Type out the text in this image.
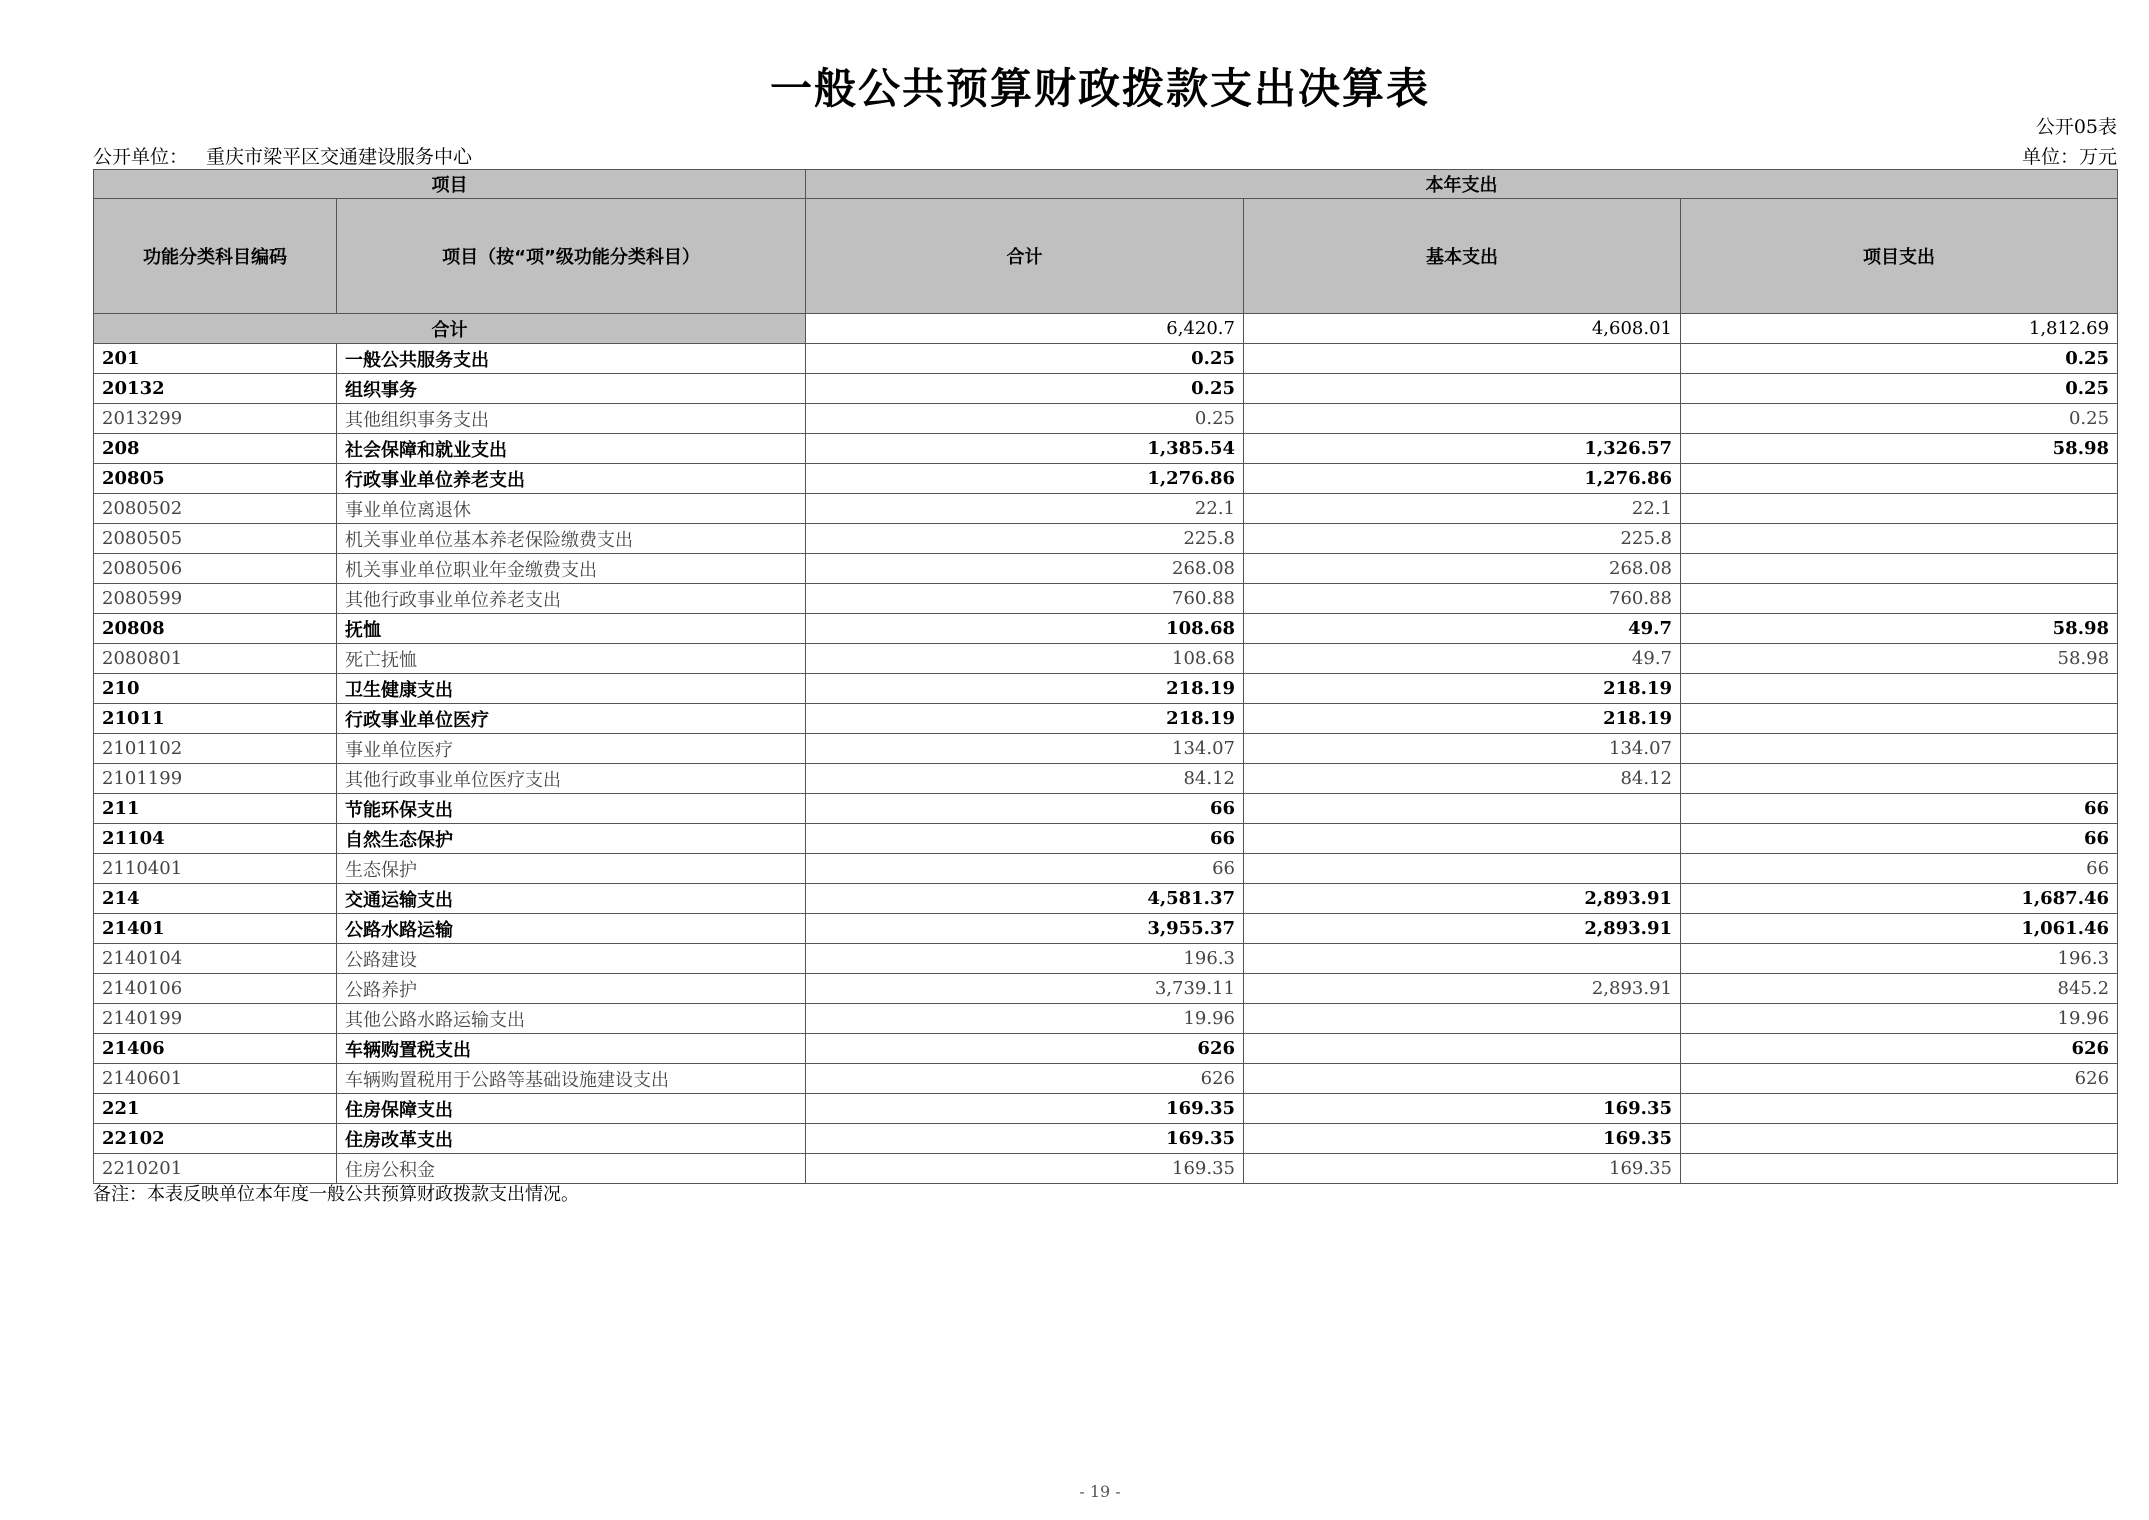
一般公共预算财政拨款支出决算表
公开05表
公开单位： 重庆市梁平区交通建设服务中心	单位：万元
项目		本年支出		
功能分类科目编码	项目（按“项”级功能分类科目）	合计	基本支出	项目支出
合计		6,420.7	4,608.01	1,812.69
201	一般公共服务支出	0.25		0.25
20132	组织事务	0.25		0.25
2013299	其他组织事务支出	0.25		0.25
208	社会保障和就业支出	1,385.54	1,326.57	58.98
20805	行政事业单位养老支出	1,276.86	1,276.86	
2080502	事业单位离退休	22.1	22.1	
2080505	机关事业单位基本养老保险缴费支出	225.8	225.8	
2080506	机关事业单位职业年金缴费支出	268.08	268.08	
2080599	其他行政事业单位养老支出	760.88	760.88	
20808	抚恤	108.68	49.7	58.98
2080801	死亡抚恤	108.68	49.7	58.98
210	卫生健康支出	218.19	218.19	
21011	行政事业单位医疗	218.19	218.19	
2101102	事业单位医疗	134.07	134.07	
2101199	其他行政事业单位医疗支出	84.12	84.12	
211	节能环保支出	66		66
21104	自然生态保护	66		66
2110401	生态保护	66		66
214	交通运输支出	4,581.37	2,893.91	1,687.46
21401	公路水路运输	3,955.37	2,893.91	1,061.46
2140104	公路建设	196.3		196.3
2140106	公路养护	3,739.11	2,893.91	845.2
2140199	其他公路水路运输支出	19.96		19.96
21406	车辆购置税支出	626		626
2140601	车辆购置税用于公路等基础设施建设支出	626		626
221	住房保障支出	169.35	169.35	
22102	住房改革支出	169.35	169.35	
2210201	住房公积金	169.35	169.35	
备注：本表反映单位本年度一般公共预算财政拨款支出情况。
- 19 -
